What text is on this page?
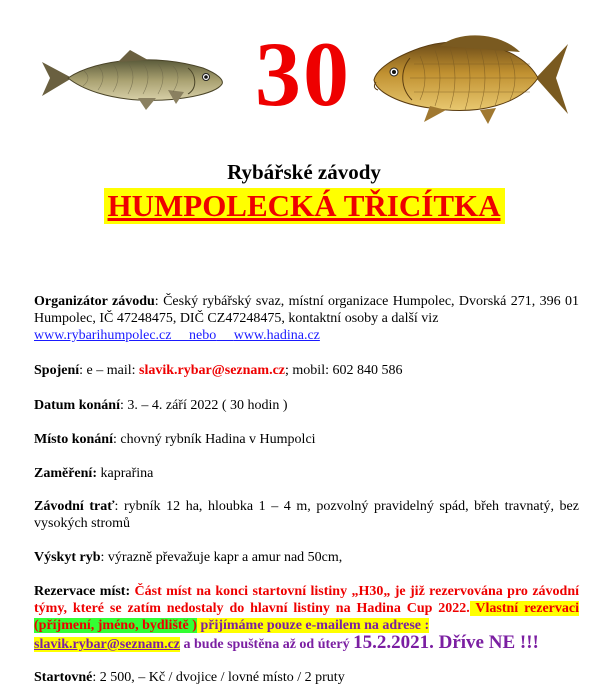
30
Rybářské závody
HUMPOLECKÁ TŘICÍTKA

Organizátor závodu: Český rybářský svaz, místní organizace Humpolec, Dvorská 271, 396 01 Humpolec, IČ 47248475, DIČ CZ47248475, kontaktní osoby a další viz
www.rybarihumpolec.cz nebo www.hadina.cz

Spojení: e – mail: slavik.rybar@seznam.cz; mobil: 602 840 586

Datum konání: 3. – 4. září 2022 ( 30 hodin )

Místo konání: chovný rybník Hadina v Humpolci

Zaměření: kaprařina

Závodní trať: rybník 12 ha, hloubka 1 – 4 m, pozvolný pravidelný spád, břeh travnatý, bez vysokých stromů

Výskyt ryb: výrazně převažuje kapr a amur nad 50cm,

Rezervace míst: Část míst na konci startovní listiny „H30„ je již rezervována pro závodní týmy, které se zatím nedostaly do hlavní listiny na Hadina Cup 2022. Vlastní rezervaci (příjmení, jméno, bydliště ) přijímáme pouze e-mailem na adrese :
slavik.rybar@seznam.cz a bude spuštěna až od úterý 15.2.2021. Dříve NE !!!

Startovné: 2 500, – Kč / dvojice / lovné místo / 2 pruty
